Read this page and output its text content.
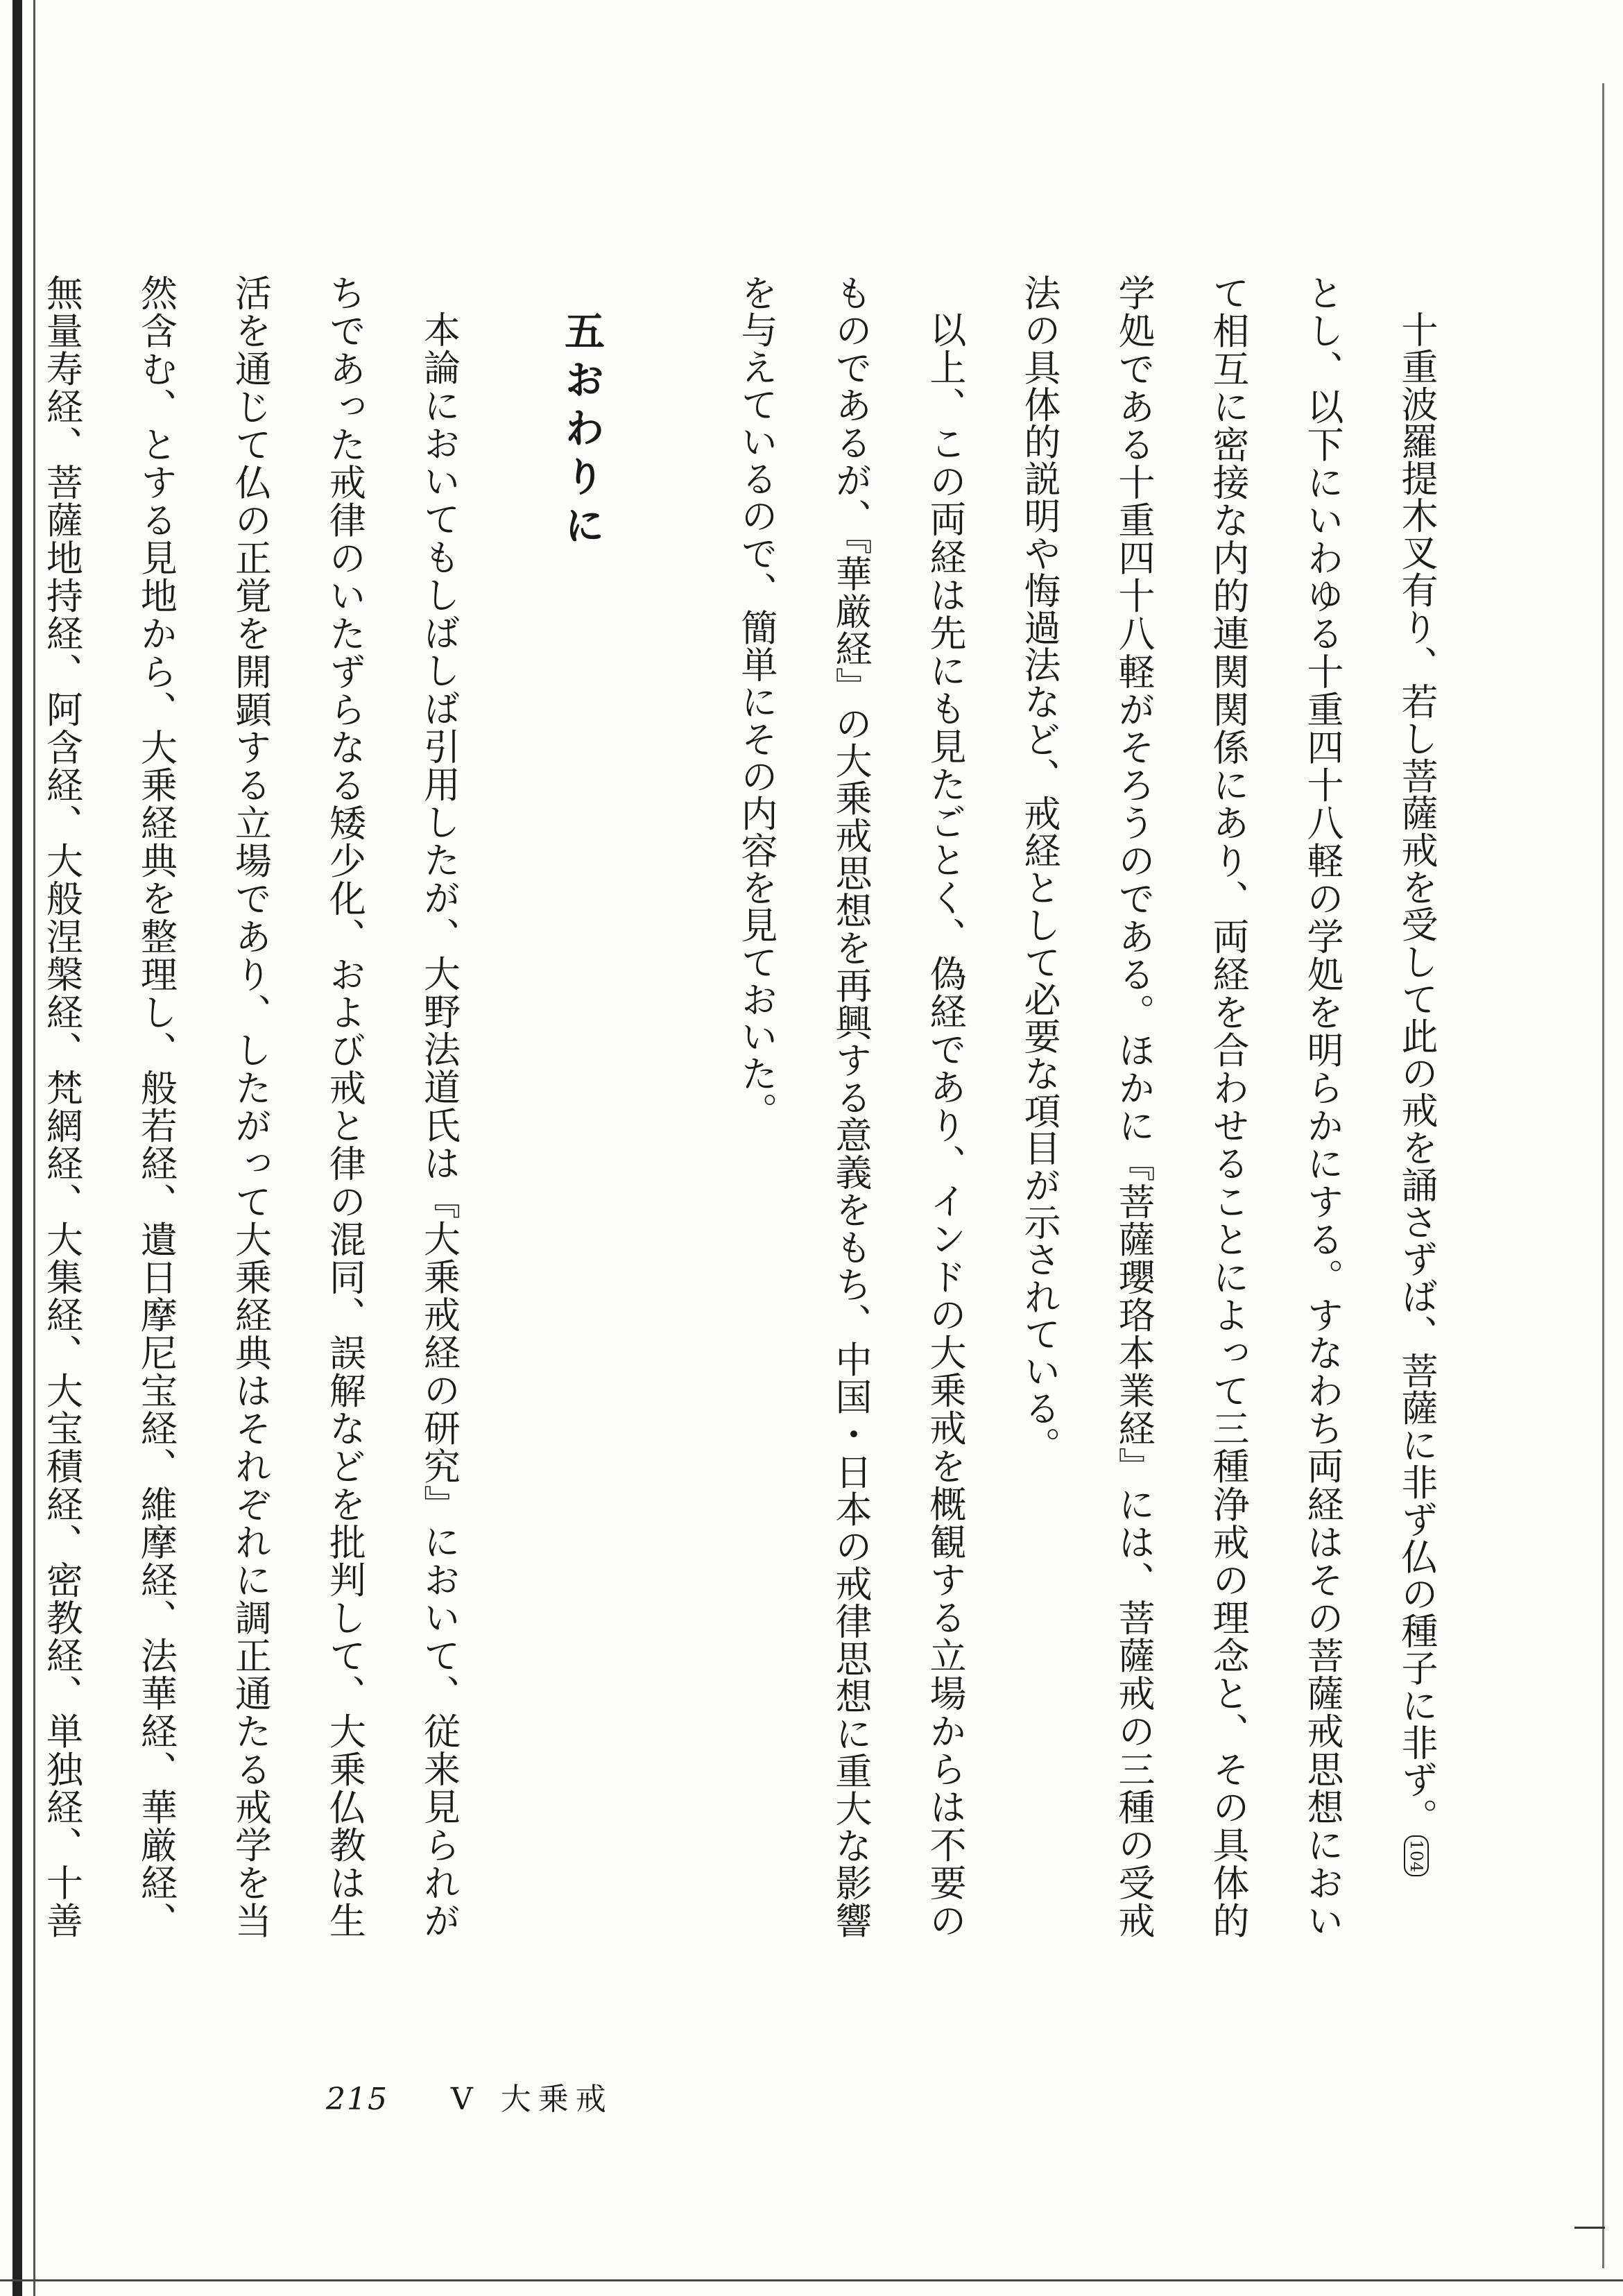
十重波羅提木叉有り、若し菩薩戒を受して此の戒を誦さずば、菩薩に非ず仏の種子に非ず。104

とし、以下にいわゆる十重四十八軽の学処を明らかにする。すなわち両経はその菩薩戒思想において相互に密接な内的連関関係にあり、両経を合わせることによって三種浄戒の理念と、その具体的学処である十重四十八軽がそろうのである。ほかに『菩薩瓔珞本業経』には、菩薩戒の三種の受戒法の具体的説明や悔過法など、戒経として必要な項目が示されている。

以上、この両経は先にも見たごとく、偽経であり、インドの大乗戒を概観する立場からは不要のものであるが、『華厳経』の大乗戒思想を再興する意義をもち、中国・日本の戒律思想に重大な影響を与えているので、簡単にその内容を見ておいた。

五おわりに

本論においてもしばしば引用したが、大野法道氏は『大乗戒経の研究』において、従来見られがちであった戒律のいたずらなる矮少化、および戒と律の混同、誤解などを批判して、大乗仏教は生活を通じて仏の正覚を開顕する立場であり、したがって大乗経典はそれぞれに調正通たる戒学を当然含む、とする見地から、大乗経典を整理し、般若経、遺日摩尼宝経、維摩経、法華経、華厳経、無量寿経、菩薩地持経、阿含経、大般涅槃経、梵網経、大集経、大宝積経、密教経、単独経、十善

215 V 大乗戒
